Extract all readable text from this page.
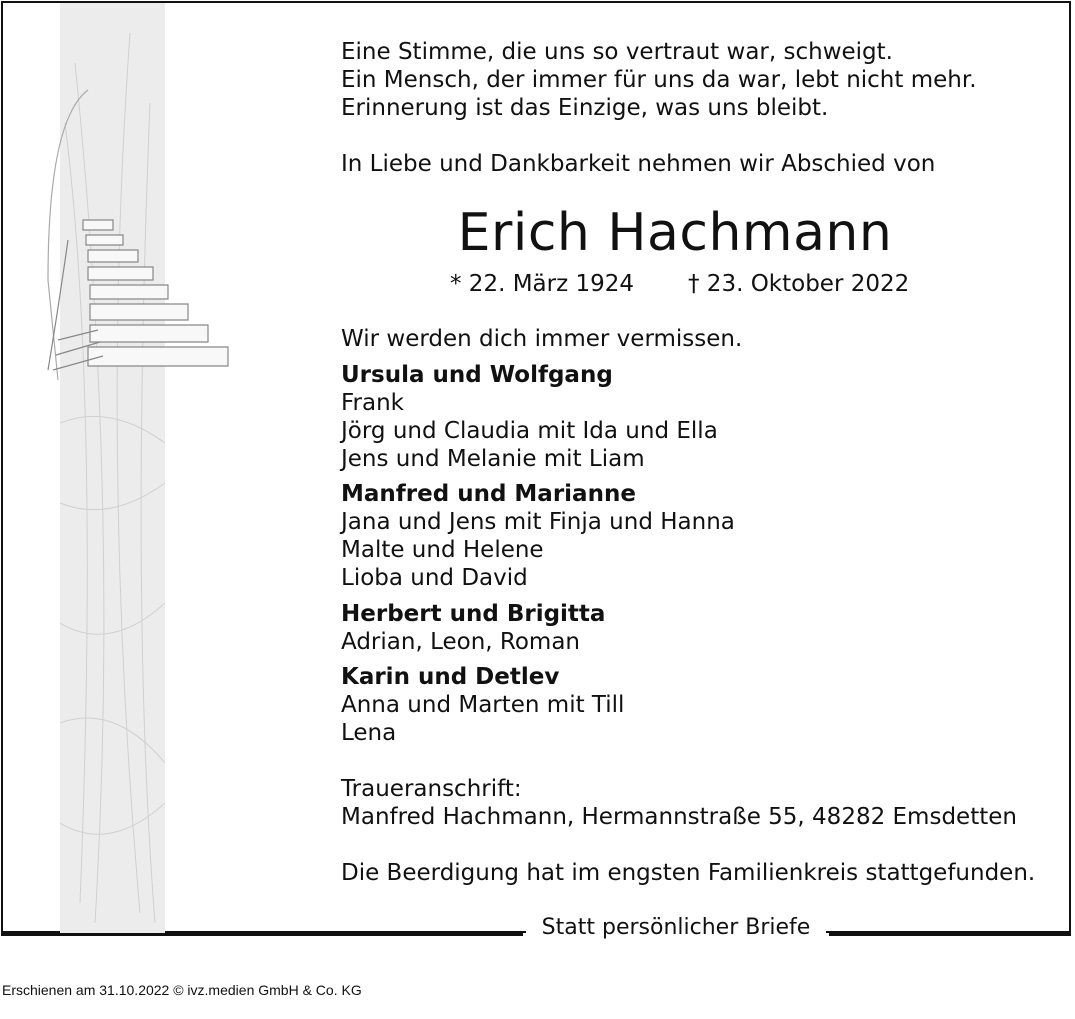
Eine Stimme, die uns so vertraut war, schweigt.
Ein Mensch, der immer für uns da war, lebt nicht mehr.
Erinnerung ist das Einzige, was uns bleibt.
In Liebe und Dankbarkeit nehmen wir Abschied von
Erich Hachmann
* 22. März 1924 † 23. Oktober 2022
Wir werden dich immer vermissen.
Ursula und Wolfgang
Frank
Jörg und Claudia mit Ida und Ella
Jens und Melanie mit Liam
Manfred und Marianne
Jana und Jens mit Finja und Hanna
Malte und Helene
Lioba und David
Herbert und Brigitta
Adrian, Leon, Roman
Karin und Detlev
Anna und Marten mit Till
Lena
Traueranschrift:
Manfred Hachmann, Hermannstraße 55, 48282 Emsdetten
Die Beerdigung hat im engsten Familienkreis stattgefunden.
Statt persönlicher Briefe
Erschienen am 31.10.2022 © ivz.medien GmbH & Co. KG
